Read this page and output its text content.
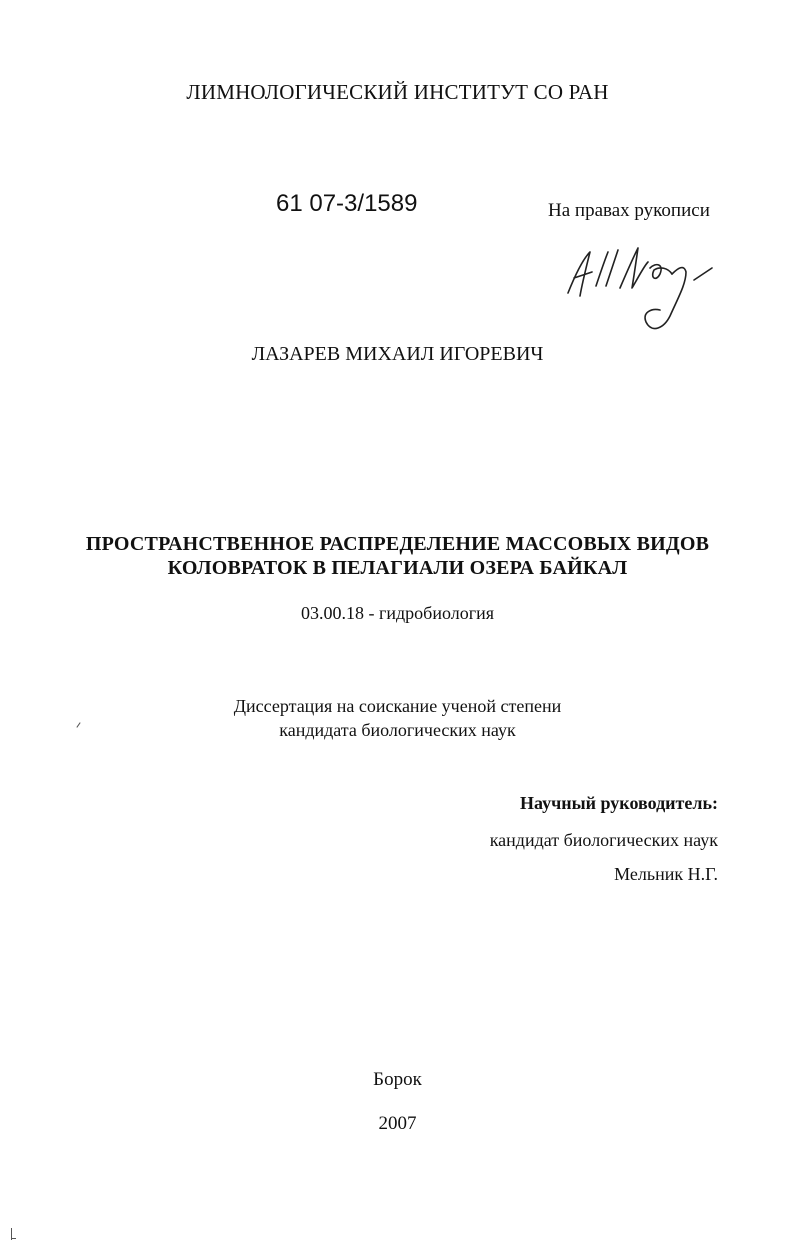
ЛИМНОЛОГИЧЕСКИЙ ИНСТИТУТ СО РАН
61 07-3/1589	На правах рукописи
ЛАЗАРЕВ МИХАИЛ ИГОРЕВИЧ
ПРОСТРАНСТВЕННОЕ РАСПРЕДЕЛЕНИЕ МАССОВЫХ ВИДОВ
КОЛОВРАТОК В ПЕЛАГИАЛИ ОЗЕРА БАЙКАЛ
03.00.18 - гидробиология
Диссертация на соискание ученой степени
кандидата биологических наук
Научный руководитель:
кандидат биологических наук
Мельник Н.Г.
Борок
2007
